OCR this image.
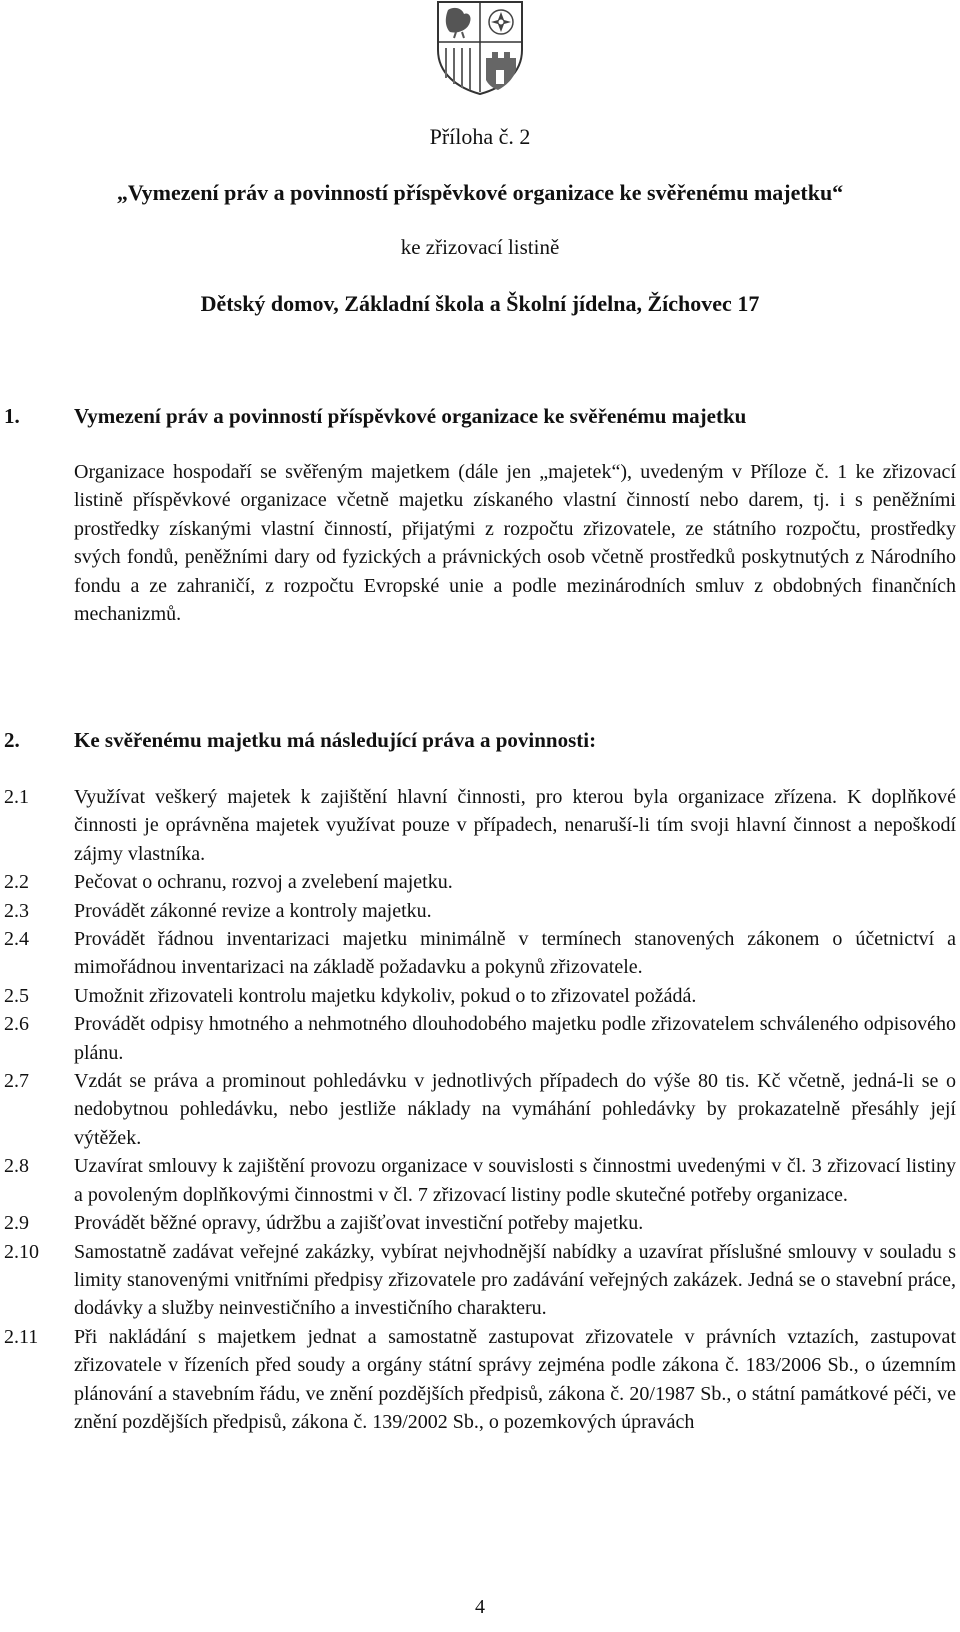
Příloha č. 2
„Vymezení práv a povinností příspěvkové organizace ke svěřenému majetku“
ke zřizovací listině
Dětský domov, Základní škola a Školní jídelna, Žíchovec 17
1.	Vymezení práv a povinností příspěvkové organizace ke svěřenému majetku
Organizace hospodaří se svěřeným majetkem (dále jen „majetek“), uvedeným v Příloze č. 1 ke zřizovací listině příspěvkové organizace včetně majetku získaného vlastní činností nebo darem, tj. i s peněžními prostředky získanými vlastní činností, přijatými z rozpočtu zřizovatele, ze státního rozpočtu, prostředky svých fondů, peněžními dary od fyzických a právnických osob včetně prostředků poskytnutých z Národního fondu a ze zahraničí, z rozpočtu Evropské unie a podle mezinárodních smluv z obdobných finančních mechanizmů.
2.	Ke svěřenému majetku má následující práva a povinnosti:
2.1 Využívat veškerý majetek k zajištění hlavní činnosti, pro kterou byla organizace zřízena. K doplňkové činnosti je oprávněna majetek využívat pouze v případech, nenaruší-li tím svoji hlavní činnost a nepoškodí zájmy vlastníka.
2.2 Pečovat o ochranu, rozvoj a zvelebení majetku.
2.3 Provádět zákonné revize a kontroly majetku.
2.4 Provádět řádnou inventarizaci majetku minimálně v termínech stanovených zákonem o účetnictví a mimořádnou inventarizaci na základě požadavku a pokynů zřizovatele.
2.5 Umožnit zřizovateli kontrolu majetku kdykoliv, pokud o to zřizovatel požádá.
2.6 Provádět odpisy hmotného a nehmotného dlouhodobého majetku podle zřizovatelem schváleného odpisového plánu.
2.7 Vzdát se práva a prominout pohledávku v jednotlivých případech do výše 80 tis. Kč včetně, jedná-li se o nedobytnou pohledávku, nebo jestliže náklady na vymáhání pohledávky by prokazatelně přesáhly její výtěžek.
2.8 Uzavírat smlouvy k zajištění provozu organizace v souvislosti s činnostmi uvedenými v čl. 3 zřizovací listiny a povoleným doplňkovými činnostmi v čl. 7 zřizovací listiny podle skutečné potřeby organizace.
2.9 Provádět běžné opravy, údržbu a zajišťovat investiční potřeby majetku.
2.10 Samostatně zadávat veřejné zakázky, vybírat nejvhodnější nabídky a uzavírat příslušné smlouvy v souladu s limity stanovenými vnitřními předpisy zřizovatele pro zadávání veřejných zakázek. Jedná se o stavební práce, dodávky a služby neinvestičního a investičního charakteru.
2.11 Při nakládání s majetkem jednat a samostatně zastupovat zřizovatele v právních vztazích, zastupovat zřizovatele v řízeních před soudy a orgány státní správy zejména podle zákona č. 183/2006 Sb., o územním plánování a stavebním řádu, ve znění pozdějších předpisů, zákona č. 20/1987 Sb., o státní památkové péči, ve znění pozdějších předpisů, zákona č. 139/2002 Sb., o pozemkových úpravách
4
